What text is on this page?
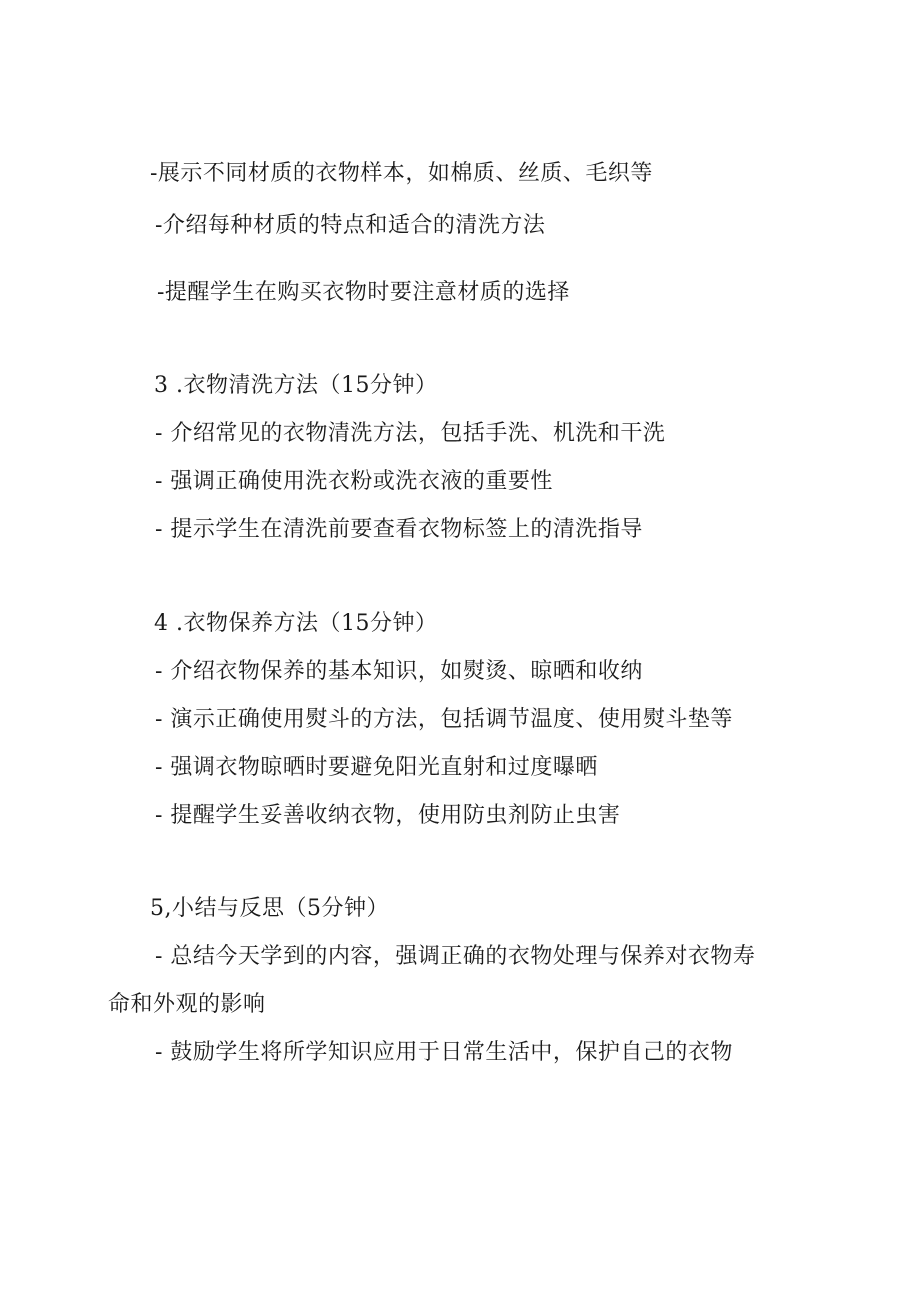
-展示不同材质的衣物样本，如棉质、丝质、毛织等
-介绍每种材质的特点和适合的清洗方法
-提醒学生在购买衣物时要注意材质的选择
3 .衣物清洗方法（15分钟）
- 介绍常见的衣物清洗方法，包括手洗、机洗和干洗
- 强调正确使用洗衣粉或洗衣液的重要性
- 提示学生在清洗前要查看衣物标签上的清洗指导
4 .衣物保养方法（15分钟）
- 介绍衣物保养的基本知识，如熨烫、晾晒和收纳
- 演示正确使用熨斗的方法，包括调节温度、使用熨斗垫等
- 强调衣物晾晒时要避免阳光直射和过度曝晒
- 提醒学生妥善收纳衣物，使用防虫剂防止虫害
5,小结与反思（5分钟）
- 总结今天学到的内容，强调正确的衣物处理与保养对衣物寿
命和外观的影响
- 鼓励学生将所学知识应用于日常生活中，保护自己的衣物
